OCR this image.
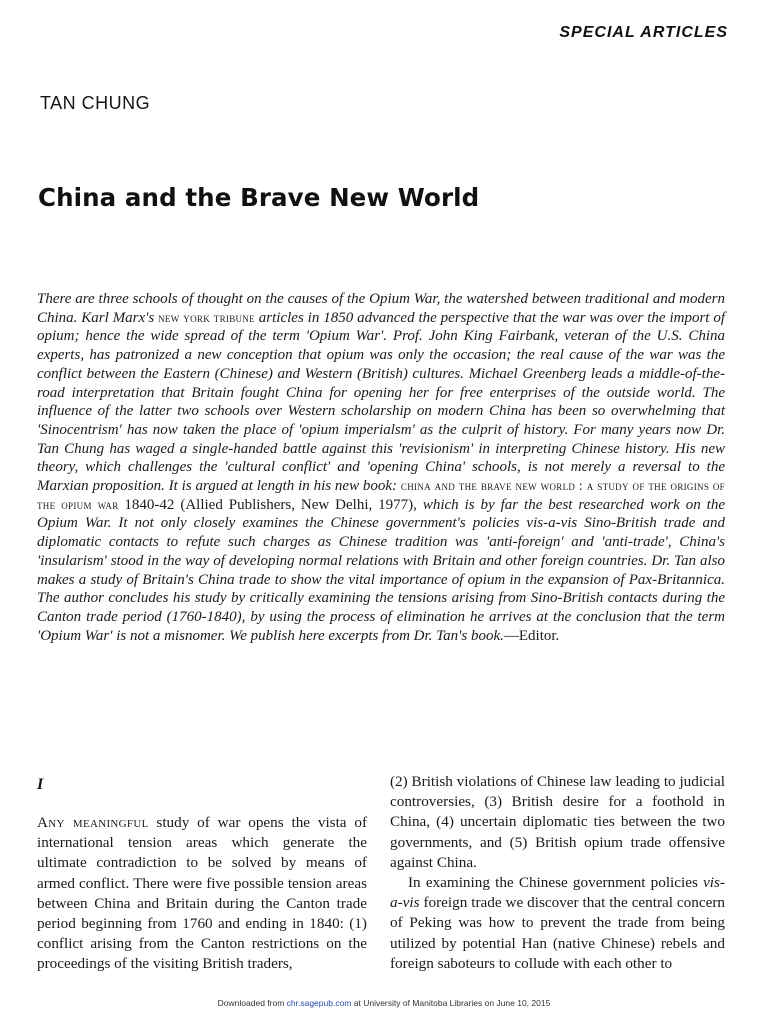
SPECIAL ARTICLES
TAN CHUNG
China and the Brave New World

There are three schools of thought on the causes of the Opium War, the watershed between traditional and modern China. Karl Marx's new york tribune articles in 1850 advanced the perspective that the war was over the import of opium; hence the wide spread of the term 'Opium War'. Prof. John King Fairbank, veteran of the U.S. China experts, has patronized a new conception that opium was only the occasion; the real cause of the war was the conflict between the Eastern (Chinese) and Western (British) cultures. Michael Greenberg leads a middle-of-the-road interpretation that Britain fought China for opening her for free enterprises of the outside world. The influence of the latter two schools over Western scholarship on modern China has been so overwhelming that 'Sinocentrism' has now taken the place of 'opium imperialsm' as the culprit of history. For many years now Dr. Tan Chung has waged a single-handed battle against this 'revisionism' in interpreting Chinese history. His new theory, which challenges the 'cultural conflict' and 'opening China' schools, is not merely a reversal to the Marxian proposition. It is argued at length in his new book: china and the brave new world : a study of the origins of the opium war 1840-42 (Allied Publishers, New Delhi, 1977), which is by far the best researched work on the Opium War. It not only closely examines the Chinese government's policies vis-a-vis Sino-British trade and diplomatic contacts to refute such charges as Chinese tradition was 'anti-foreign' and 'anti-trade', China's 'insularism' stood in the way of developing normal relations with Britain and other foreign countries. Dr. Tan also makes a study of Britain's China trade to show the vital importance of opium in the expansion of Pax-Britannica. The author concludes his study by critically examining the tensions arising from Sino-British contacts during the Canton trade period (1760-1840), by using the process of elimination he arrives at the conclusion that the term 'Opium War' is not a misnomer. We publish here excerpts from Dr. Tan's book.—Editor.

I

Any meaningful study of war opens the vista of international tension areas which generate the ultimate contradiction to be solved by means of armed conflict. There were five possible tension areas between China and Britain during the Canton trade period beginning from 1760 and ending in 1840: (1) conflict arising from the Canton restrictions on the proceedings of the visiting British traders,

(2) British violations of Chinese law leading to judicial controversies, (3) British desire for a foothold in China, (4) uncertain diplomatic ties between the two governments, and (5) British opium trade offensive against China.

In examining the Chinese government policies vis-a-vis foreign trade we discover that the central concern of Peking was how to prevent the trade from being utilized by potential Han (native Chinese) rebels and foreign saboteurs to collude with each other to

Downloaded from chr.sagepub.com at University of Manitoba Libraries on June 10, 2015
